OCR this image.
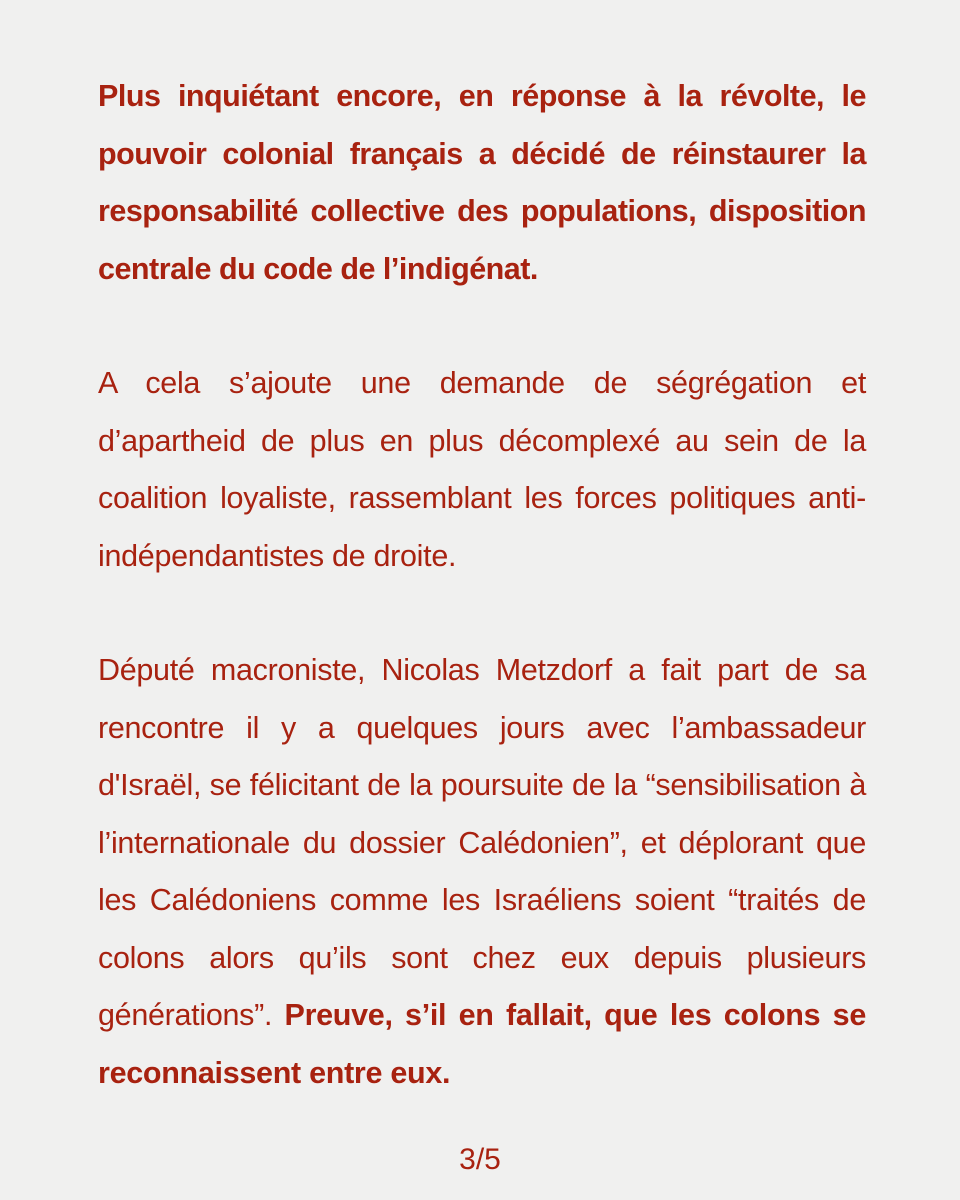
Plus inquiétant encore, en réponse à la révolte, le pouvoir colonial français a décidé de réinstaurer la responsabilité collective des populations, disposition centrale du code de l’indigénat.

A cela s’ajoute une demande de ségrégation et d’apartheid de plus en plus décomplexé au sein de la coalition loyaliste, rassemblant les forces politiques anti-indépendantistes de droite.

Député macroniste, Nicolas Metzdorf a fait part de sa rencontre il y a quelques jours avec l’ambassadeur d'Israël, se félicitant de la poursuite de la “sensibilisation à l’internationale du dossier Calédonien”, et déplorant que les Calédoniens comme les Israéliens soient “traités de colons alors qu’ils sont chez eux depuis plusieurs générations”. Preuve, s’il en fallait, que les colons se reconnaissent entre eux.

3/5
